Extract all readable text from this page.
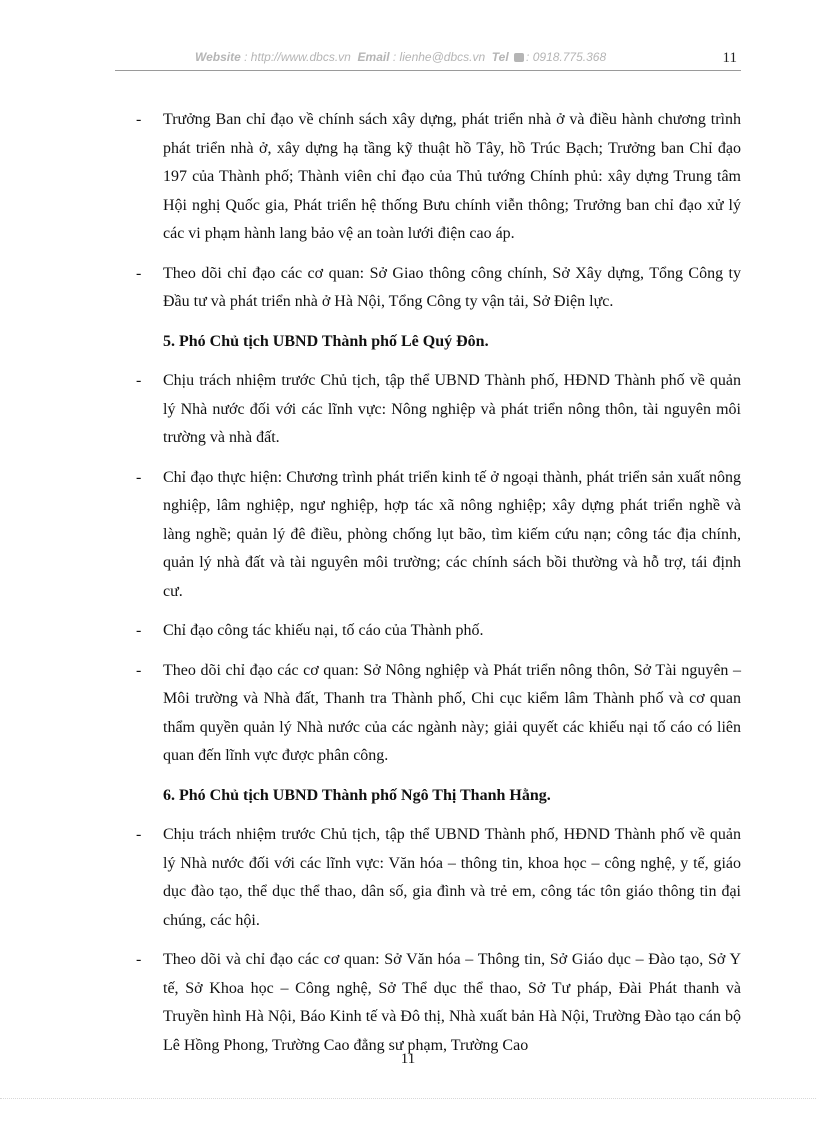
Website : http://www.dbcs.vn Email : lienhe@dbcs.vn Tel : 0918.775.368	11
- Trưởng Ban chỉ đạo về chính sách xây dựng, phát triển nhà ở và điều hành chương trình phát triển nhà ở, xây dựng hạ tầng kỹ thuật hồ Tây, hồ Trúc Bạch; Trưởng ban Chỉ đạo 197 của Thành phố; Thành viên chỉ đạo của Thủ tướng Chính phủ: xây dựng Trung tâm Hội nghị Quốc gia, Phát triển hệ thống Bưu chính viễn thông; Trưởng ban chỉ đạo xử lý các vi phạm hành lang bảo vệ an toàn lưới điện cao áp.
- Theo dõi chỉ đạo các cơ quan: Sở Giao thông công chính, Sở Xây dựng, Tổng Công ty Đầu tư và phát triển nhà ở Hà Nội, Tổng Công ty vận tải, Sở Điện lực.
5. Phó Chủ tịch UBND Thành phố Lê Quý Đôn.
- Chịu trách nhiệm trước Chủ tịch, tập thể UBND Thành phố, HĐND Thành phố về quản lý Nhà nước đối với các lĩnh vực: Nông nghiệp và phát triển nông thôn, tài nguyên môi trường và nhà đất.
- Chỉ đạo thực hiện: Chương trình phát triển kinh tế ở ngoại thành, phát triển sản xuất nông nghiệp, lâm nghiệp, ngư nghiệp, hợp tác xã nông nghiệp; xây dựng phát triển nghề và làng nghề; quản lý đê điều, phòng chống lụt bão, tìm kiếm cứu nạn; công tác địa chính, quản lý nhà đất và tài nguyên môi trường; các chính sách bồi thường và hỗ trợ, tái định cư.
- Chỉ đạo công tác khiếu nại, tố cáo của Thành phố.
- Theo dõi chỉ đạo các cơ quan: Sở Nông nghiệp và Phát triển nông thôn, Sở Tài nguyên – Môi trường và Nhà đất, Thanh tra Thành phố, Chi cục kiểm lâm Thành phố và cơ quan thẩm quyền quản lý Nhà nước của các ngành này; giải quyết các khiếu nại tố cáo có liên quan đến lĩnh vực được phân công.
6. Phó Chủ tịch UBND Thành phố Ngô Thị Thanh Hằng.
- Chịu trách nhiệm trước Chủ tịch, tập thể UBND Thành phố, HĐND Thành phố về quản lý Nhà nước đối với các lĩnh vực: Văn hóa – thông tin, khoa học – công nghệ, y tế, giáo dục đào tạo, thể dục thể thao, dân số, gia đình và trẻ em, công tác tôn giáo thông tin đại chúng, các hội.
- Theo dõi và chỉ đạo các cơ quan: Sở Văn hóa – Thông tin, Sở Giáo dục – Đào tạo, Sở Y tế, Sở Khoa học – Công nghệ, Sở Thể dục thể thao, Sở Tư pháp, Đài Phát thanh và Truyền hình Hà Nội, Báo Kinh tế và Đô thị, Nhà xuất bản Hà Nội, Trường Đào tạo cán bộ Lê Hồng Phong, Trường Cao đẳng sư phạm, Trường Cao
11
